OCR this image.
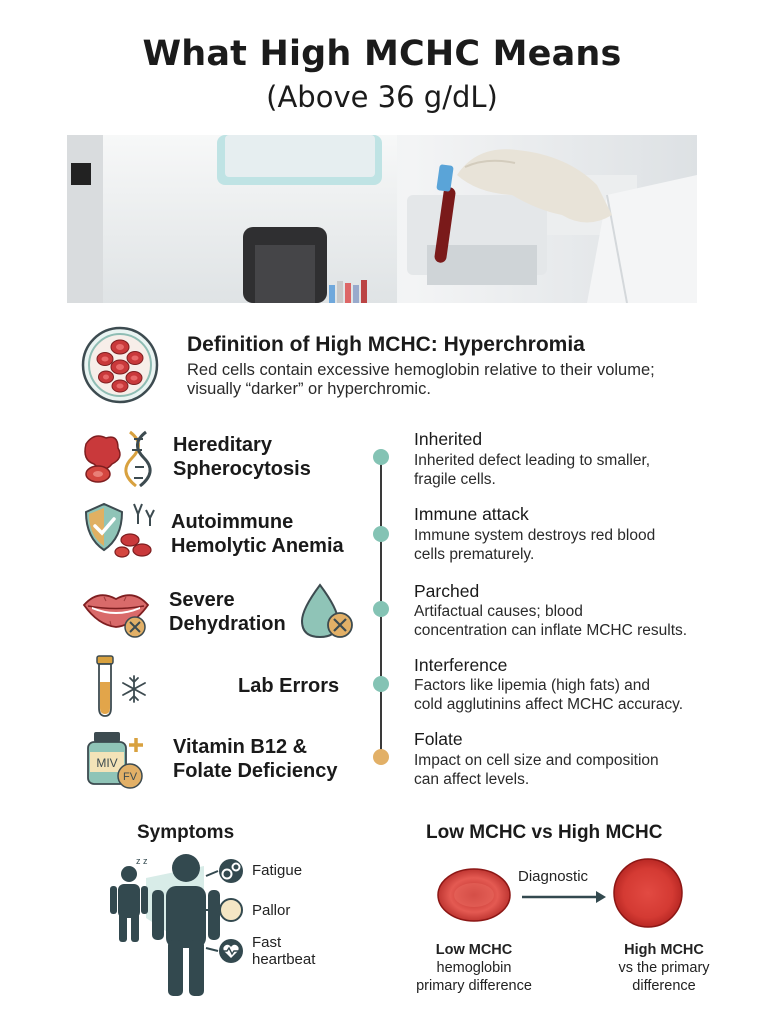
What High MCHC Means
(Above 36 g/dL)
Definition of High MCHC: Hyperchromia
Red cells contain excessive hemoglobin relative to their volume; visually “darker” or hyperchromic.
Hereditary
Spherocytosis
Inherited
Inherited defect leading to smaller,
fragile cells.
Autoimmune
Hemolytic Anemia
Immune attack
Immune system destroys red blood
cells prematurely.
Severe
Dehydration
Parched
Artifactual causes; blood
concentration can inflate MCHC results.
Lab Errors
Interference
Factors like lipemia (high fats) and
cold agglutinins affect MCHC accuracy.
MIV
FV
Vitamin B12 &
Folate Deficiency
Folate
Impact on cell size and composition
can affect levels.
Symptoms
z z
Fatigue
Pallor
Fast
heartbeat
Low MCHC vs High MCHC
Diagnostic
Low MCHC
hemoglobin
primary difference
High MCHC
vs the primary
difference
